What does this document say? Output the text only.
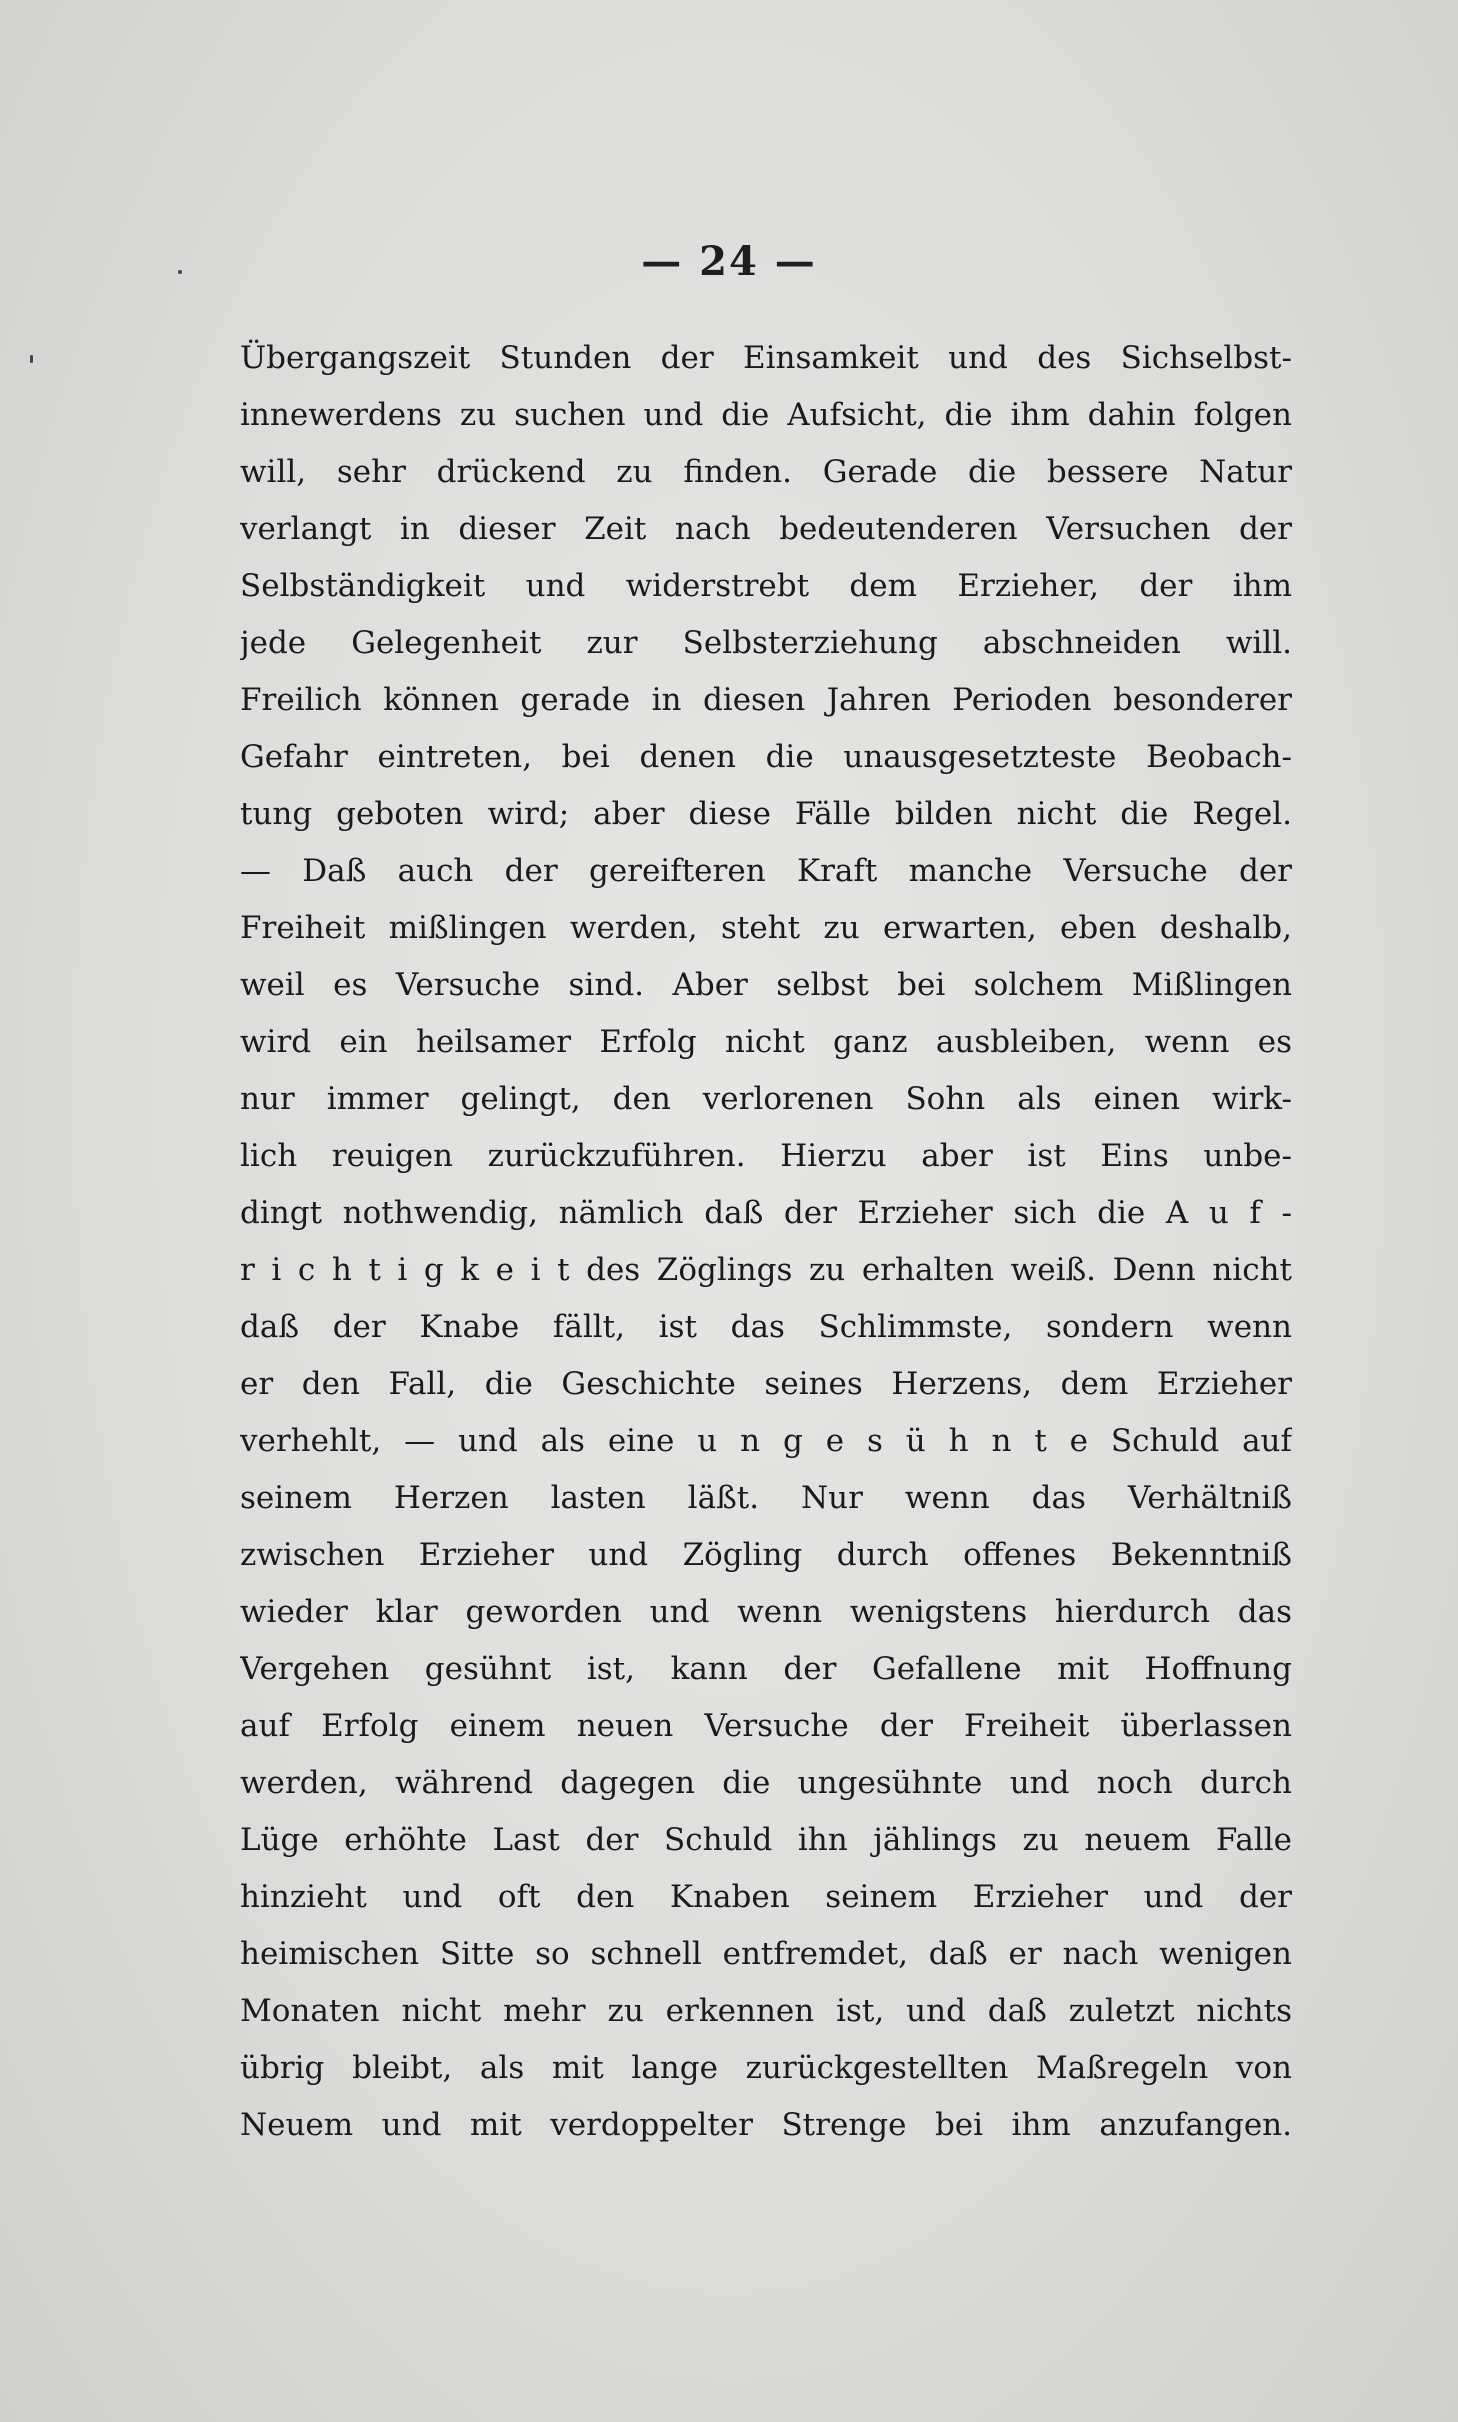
— 24 —
Übergangszeit Stunden der Einsamkeit und des Sichselbst-
innewerdens zu suchen und die Aufsicht, die ihm dahin folgen
will, sehr drückend zu finden. Gerade die bessere Natur
verlangt in dieser Zeit nach bedeutenderen Versuchen der
Selbständigkeit und widerstrebt dem Erzieher, der ihm
jede Gelegenheit zur Selbsterziehung abschneiden will.
Freilich können gerade in diesen Jahren Perioden besonderer
Gefahr eintreten, bei denen die unausgesetzteste Beobach-
tung geboten wird; aber diese Fälle bilden nicht die Regel.
— Daß auch der gereifteren Kraft manche Versuche der
Freiheit mißlingen werden, steht zu erwarten, eben deshalb,
weil es Versuche sind. Aber selbst bei solchem Mißlingen
wird ein heilsamer Erfolg nicht ganz ausbleiben, wenn es
nur immer gelingt, den verlorenen Sohn als einen wirk-
lich reuigen zurückzuführen. Hierzu aber ist Eins unbe-
dingt nothwendig, nämlich daß der Erzieher sich die A u f -
r i c h t i g k e i t des Zöglings zu erhalten weiß. Denn nicht
daß der Knabe fällt, ist das Schlimmste, sondern wenn
er den Fall, die Geschichte seines Herzens, dem Erzieher
verhehlt, — und als eine u n g e s ü h n t e Schuld auf
seinem Herzen lasten läßt. Nur wenn das Verhältniß
zwischen Erzieher und Zögling durch offenes Bekenntniß
wieder klar geworden und wenn wenigstens hierdurch das
Vergehen gesühnt ist, kann der Gefallene mit Hoffnung
auf Erfolg einem neuen Versuche der Freiheit überlassen
werden, während dagegen die ungesühnte und noch durch
Lüge erhöhte Last der Schuld ihn jählings zu neuem Falle
hinzieht und oft den Knaben seinem Erzieher und der
heimischen Sitte so schnell entfremdet, daß er nach wenigen
Monaten nicht mehr zu erkennen ist, und daß zuletzt nichts
übrig bleibt, als mit lange zurückgestellten Maßregeln von
Neuem und mit verdoppelter Strenge bei ihm anzufangen.
